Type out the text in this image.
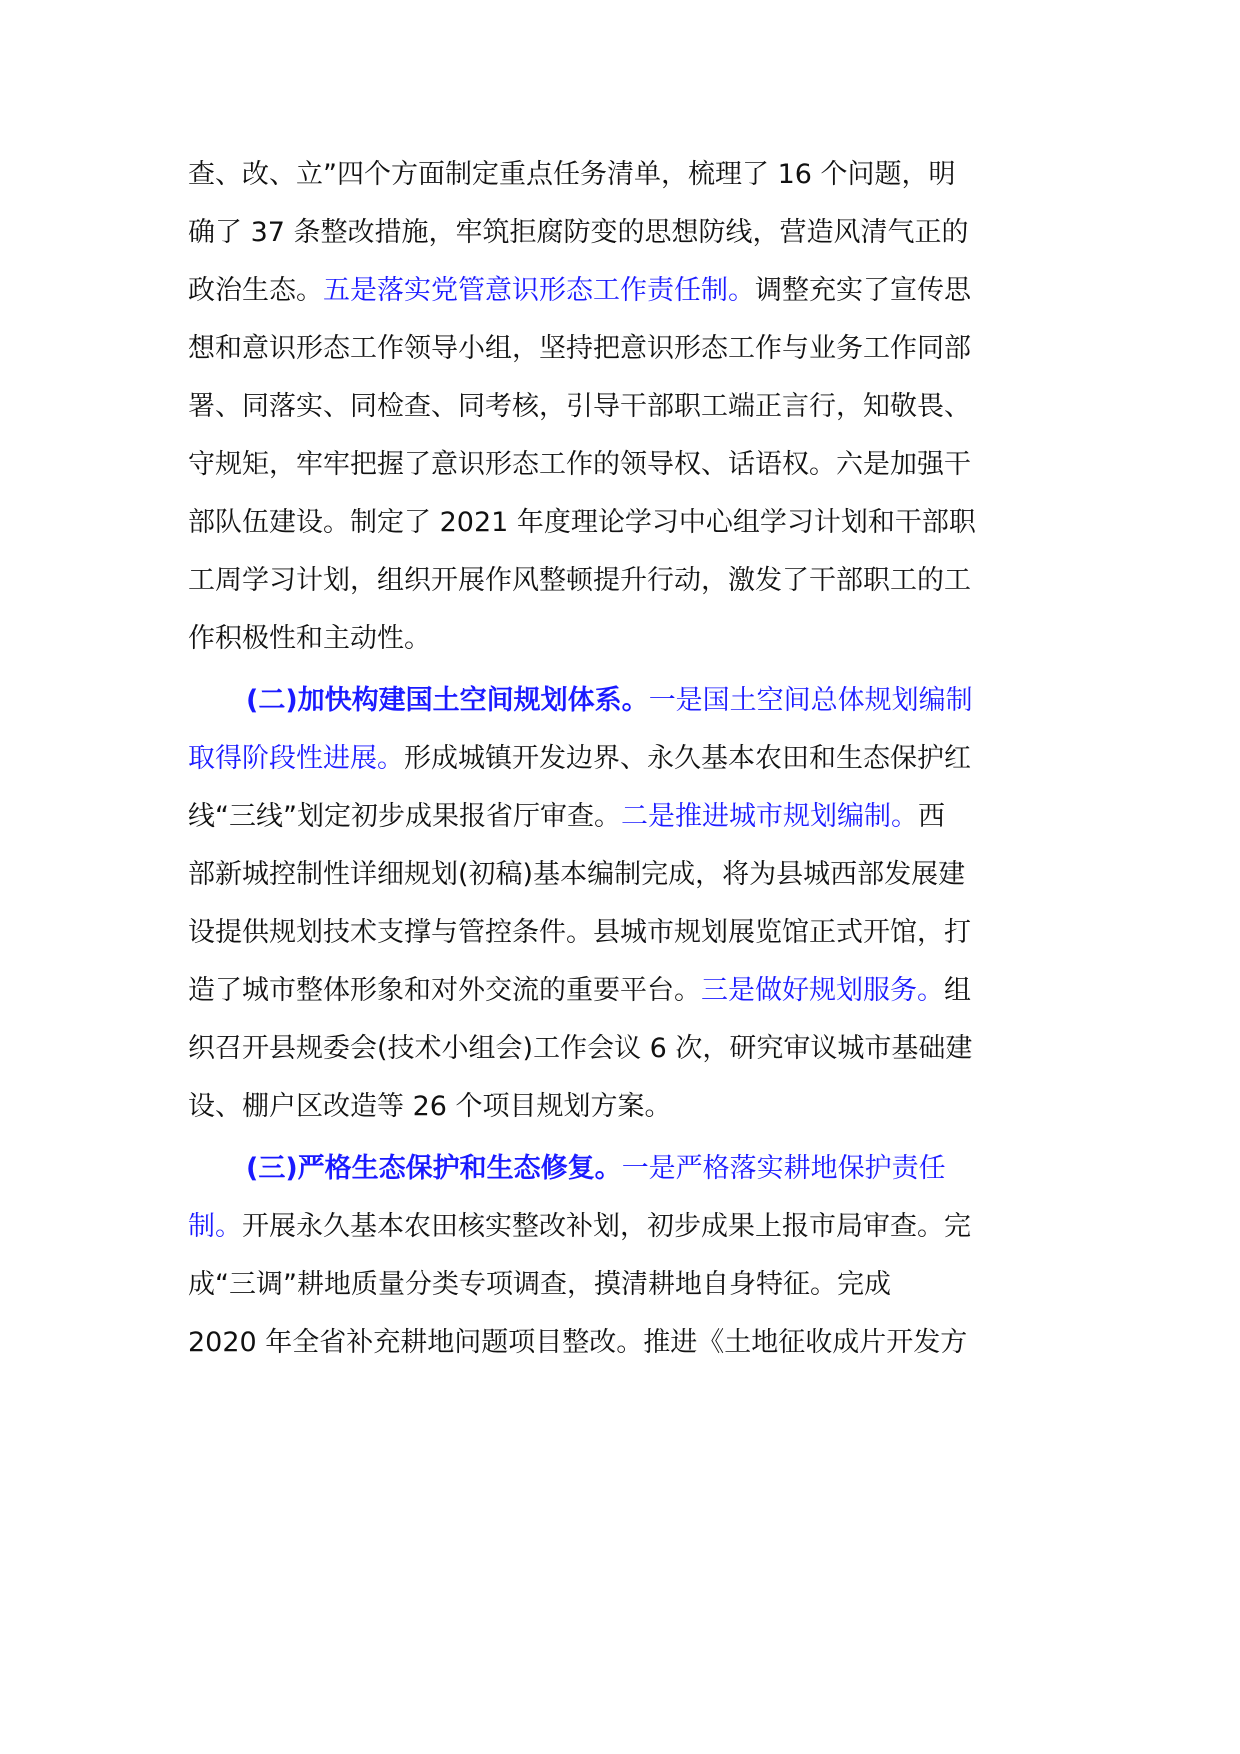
查、改、立”四个方面制定重点任务清单，梳理了 16 个问题，明
确了 37 条整改措施，牢筑拒腐防变的思想防线，营造风清气正的
政治生态。五是落实党管意识形态工作责任制。调整充实了宣传思
想和意识形态工作领导小组，坚持把意识形态工作与业务工作同部
署、同落实、同检查、同考核，引导干部职工端正言行，知敬畏、
守规矩，牢牢把握了意识形态工作的领导权、话语权。六是加强干
部队伍建设。制定了 2021 年度理论学习中心组学习计划和干部职
工周学习计划，组织开展作风整顿提升行动，激发了干部职工的工
作积极性和主动性。
(二)加快构建国土空间规划体系。一是国土空间总体规划编制
取得阶段性进展。形成城镇开发边界、永久基本农田和生态保护红
线“三线”划定初步成果报省厅审查。二是推进城市规划编制。西
部新城控制性详细规划(初稿)基本编制完成，将为县城西部发展建
设提供规划技术支撑与管控条件。县城市规划展览馆正式开馆，打
造了城市整体形象和对外交流的重要平台。三是做好规划服务。组
织召开县规委会(技术小组会)工作会议 6 次，研究审议城市基础建
设、棚户区改造等 26 个项目规划方案。
(三)严格生态保护和生态修复。一是严格落实耕地保护责任
制。开展永久基本农田核实整改补划，初步成果上报市局审查。完
成“三调”耕地质量分类专项调查，摸清耕地自身特征。完成
2020 年全省补充耕地问题项目整改。推进《土地征收成片开发方
